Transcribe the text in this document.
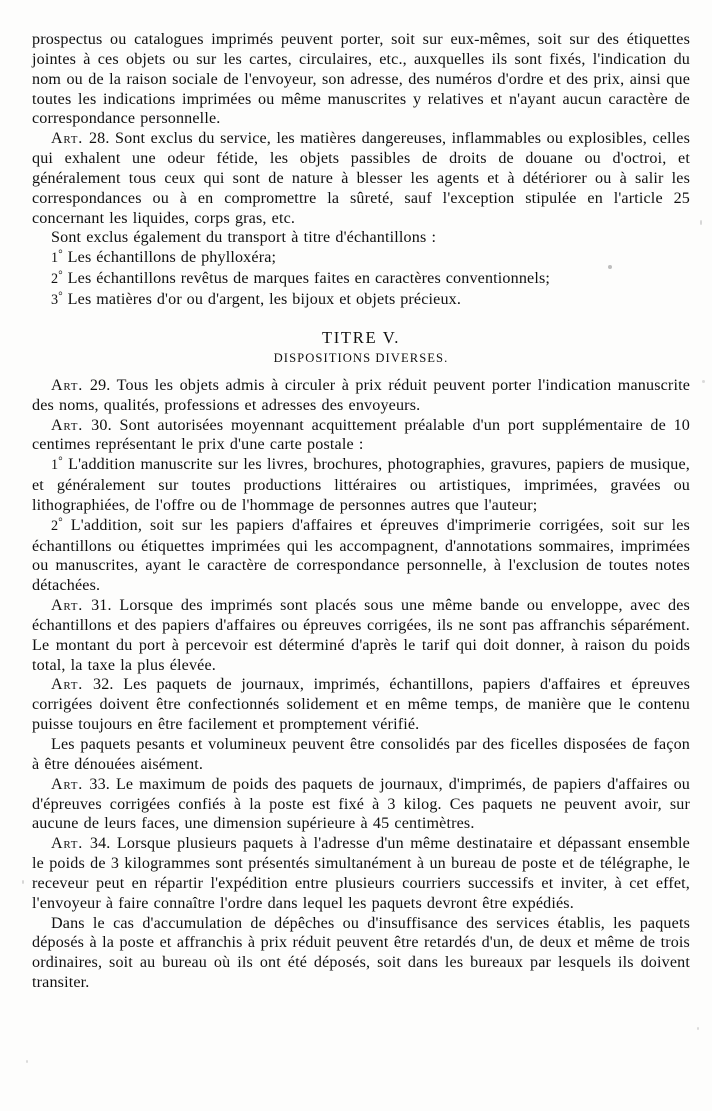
prospectus ou catalogues imprimés peuvent porter, soit sur eux-mêmes, soit sur des étiquettes jointes à ces objets ou sur les cartes, circulaires, etc., auxquelles ils sont fixés, l'indication du nom ou de la raison sociale de l'envoyeur, son adresse, des numéros d'ordre et des prix, ainsi que toutes les indications imprimées ou même manuscrites y relatives et n'ayant aucun caractère de correspondance personnelle.

Art. 28. Sont exclus du service, les matières dangereuses, inflammables ou explosibles, celles qui exhalent une odeur fétide, les objets passibles de droits de douane ou d'octroi, et généralement tous ceux qui sont de nature à blesser les agents et à détériorer ou à salir les correspondances ou à en compromettre la sûreté, sauf l'exception stipulée en l'article 25 concernant les liquides, corps gras, etc.

Sont exclus également du transport à titre d'échantillons :

1° Les échantillons de phylloxéra;

2° Les échantillons revêtus de marques faites en caractères conventionnels;

3° Les matières d'or ou d'argent, les bijoux et objets précieux.

TITRE V.
DISPOSITIONS DIVERSES.

Art. 29. Tous les objets admis à circuler à prix réduit peuvent porter l'indication manuscrite des noms, qualités, professions et adresses des envoyeurs.

Art. 30. Sont autorisées moyennant acquittement préalable d'un port supplémentaire de 10 centimes représentant le prix d'une carte postale :

1° L'addition manuscrite sur les livres, brochures, photographies, gravures, papiers de musique, et généralement sur toutes productions littéraires ou artistiques, imprimées, gravées ou lithographiées, de l'offre ou de l'hommage de personnes autres que l'auteur;

2° L'addition, soit sur les papiers d'affaires et épreuves d'imprimerie corrigées, soit sur les échantillons ou étiquettes imprimées qui les accompagnent, d'annotations sommaires, imprimées ou manuscrites, ayant le caractère de correspondance personnelle, à l'exclusion de toutes notes détachées.

Art. 31. Lorsque des imprimés sont placés sous une même bande ou enveloppe, avec des échantillons et des papiers d'affaires ou épreuves corrigées, ils ne sont pas affranchis séparément. Le montant du port à percevoir est déterminé d'après le tarif qui doit donner, à raison du poids total, la taxe la plus élevée.

Art. 32. Les paquets de journaux, imprimés, échantillons, papiers d'affaires et épreuves corrigées doivent être confectionnés solidement et en même temps, de manière que le contenu puisse toujours en être facilement et promptement vérifié.

Les paquets pesants et volumineux peuvent être consolidés par des ficelles disposées de façon à être dénouées aisément.

Art. 33. Le maximum de poids des paquets de journaux, d'imprimés, de papiers d'affaires ou d'épreuves corrigées confiés à la poste est fixé à 3 kilog. Ces paquets ne peuvent avoir, sur aucune de leurs faces, une dimension supérieure à 45 centimètres.

Art. 34. Lorsque plusieurs paquets à l'adresse d'un même destinataire et dépassant ensemble le poids de 3 kilogrammes sont présentés simultanément à un bureau de poste et de télégraphe, le receveur peut en répartir l'expédition entre plusieurs courriers successifs et inviter, à cet effet, l'envoyeur à faire connaître l'ordre dans lequel les paquets devront être expédiés.

Dans le cas d'accumulation de dépêches ou d'insuffisance des services établis, les paquets déposés à la poste et affranchis à prix réduit peuvent être retardés d'un, de deux et même de trois ordinaires, soit au bureau où ils ont été déposés, soit dans les bureaux par lesquels ils doivent transiter.
